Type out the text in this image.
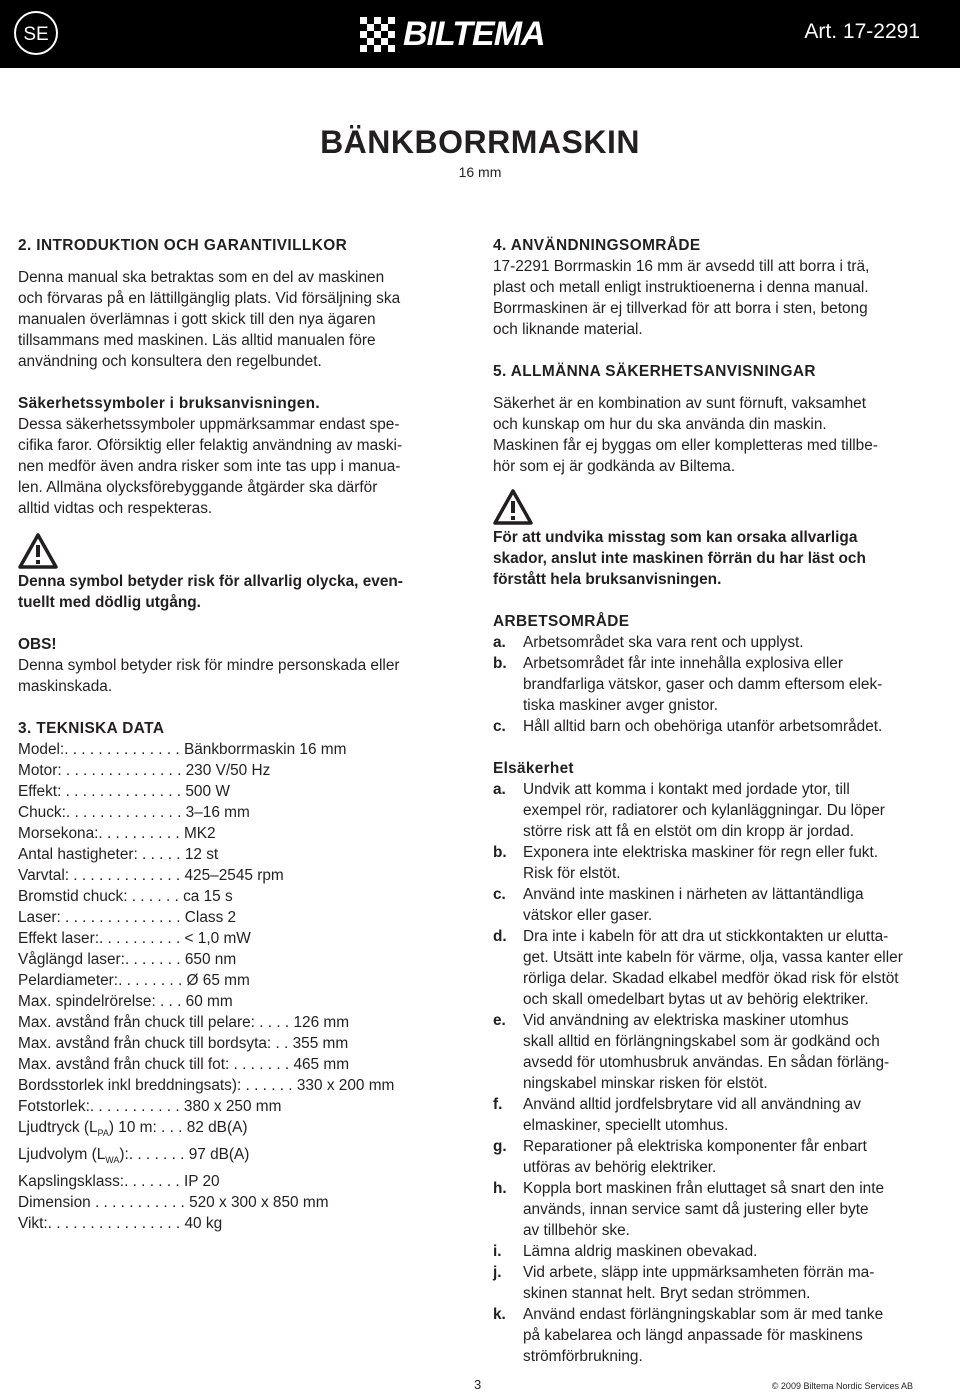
SE	BILTEMA	Art. 17-2291
BÄNKBORRMASKIN
16 mm

2. INTRODUKTION OCH GARANTIVILLKOR

Denna manual ska betraktas som en del av maskinen

och förvaras på en lättillgänglig plats. Vid försäljning ska

manualen överlämnas i gott skick till den nya ägaren

tillsammans med maskinen. Läs alltid manualen före

användning och konsultera den regelbundet.

Säkerhetssymboler i bruksanvisningen.

Dessa säkerhetssymboler uppmärksammar endast spe-

cifika faror. Oförsiktig eller felaktig användning av maski-

nen medför även andra risker som inte tas upp i manua-

len. Allmäna olycksförebyggande åtgärder ska därför

alltid vidtas och respekteras.

Denna symbol betyder risk för allvarlig olycka, even-

tuellt med dödlig utgång.

OBS!

Denna symbol betyder risk för mindre personskada eller

maskinskada.

3. TEKNISKA DATA

Model:. . . . . . . . . . . . . . Bänkborrmaskin 16 mm
Motor: . . . . . . . . . . . . . . 230 V/50 Hz
Effekt: . . . . . . . . . . . . . . 500 W
Chuck:. . . . . . . . . . . . . . 3–16 mm
Morsekona:. . . . . . . . . . MK2
Antal hastigheter: . . . . . 12 st
Varvtal: . . . . . . . . . . . . . 425–2545 rpm
Bromstid chuck: . . . . . . ca 15 s
Laser: . . . . . . . . . . . . . . Class 2
Effekt laser:. . . . . . . . . . < 1,0 mW
Våglängd laser:. . . . . . . 650 nm
Pelardiameter:. . . . . . . . Ø 65 mm
Max. spindelrörelse: . . . 60 mm
Max. avstånd från chuck till pelare: . . . . 126 mm
Max. avstånd från chuck till bordsyta: . . 355 mm
Max. avstånd från chuck till fot: . . . . . . . 465 mm
Bordsstorlek inkl breddningsats): . . . . . . 330 x 200 mm
Fotstorlek:. . . . . . . . . . . 380 x 250 mm
Ljudtryck $(L_{PA})$ 10 m: . . . 82 dB(A)
Ljudvolym $(L_{WA})$:. . . . . . . 97 dB(A)
Kapslingsklass:. . . . . . . IP 20
Dimension . . . . . . . . . . . 520 x 300 x 850 mm
Vikt:. . . . . . . . . . . . . . . . 40 kg

4. ANVÄNDNINGSOMRÅDE

17-2291 Borrmaskin 16 mm är avsedd till att borra i trä,

plast och metall enligt instruktioenerna i denna manual.

Borrmaskinen är ej tillverkad för att borra i sten, betong

och liknande material.

5. ALLMÄNNA SÄKERHETSANVISNINGAR

Säkerhet är en kombination av sunt förnuft, vaksamhet

och kunskap om hur du ska använda din maskin.

Maskinen får ej byggas om eller kompletteras med tillbe-

hör som ej är godkända av Biltema.

För att undvika misstag som kan orsaka allvarliga

skador, anslut inte maskinen förrän du har läst och

förstått hela bruksanvisningen.

ARBETSOMRÅDE

a.	Arbetsområdet ska vara rent och upplyst.

b.	Arbetsområdet får inte innehålla explosiva eller

brandfarliga vätskor, gaser och damm eftersom elek-

tiska maskiner avger gnistor.

c.	Håll alltid barn och obehöriga utanför arbetsområdet.

Elsäkerhet

a.	Undvik att komma i kontakt med jordade ytor, till

exempel rör, radiatorer och kylanläggningar. Du löper

större risk att få en elstöt om din kropp är jordad.

b.	Exponera inte elektriska maskiner för regn eller fukt.

Risk för elstöt.

c.	Använd inte maskinen i närheten av lättantändliga

vätskor eller gaser.

d.	Dra inte i kabeln för att dra ut stickkontakten ur eluttа-

get. Utsätt inte kabeln för värme, olja, vassa kanter eller

rörliga delar. Skadad elkabel medför ökad risk för elstöt

och skall omedelbart bytas ut av behörig elektriker.

e.	Vid användning av elektriska maskiner utomhus

skall alltid en förlängningskabel som är godkänd och

avsedd för utomhusbruk användas. En sådan förläng-

ningskabel minskar risken för elstöt.

f.	Använd alltid jordfelsbrytare vid all användning av

elmaskiner, speciellt utomhus.

g.	Reparationer på elektriska komponenter får enbart

utföras av behörig elektriker.

h.	Koppla bort maskinen från eluttaget så snart den inte

används, innan service samt då justering eller byte

av tillbehör ske.

i.	Lämna aldrig maskinen obevakad.

j.	Vid arbete, släpp inte uppmärksamheten förrän ma-

skinen stannat helt. Bryt sedan strömmen.

k.	Använd endast förlängningskablar som är med tanke

på kabelarea och längd anpassade för maskinens

strömförbrukning.

3	© 2009 Biltema Nordic Services AB
